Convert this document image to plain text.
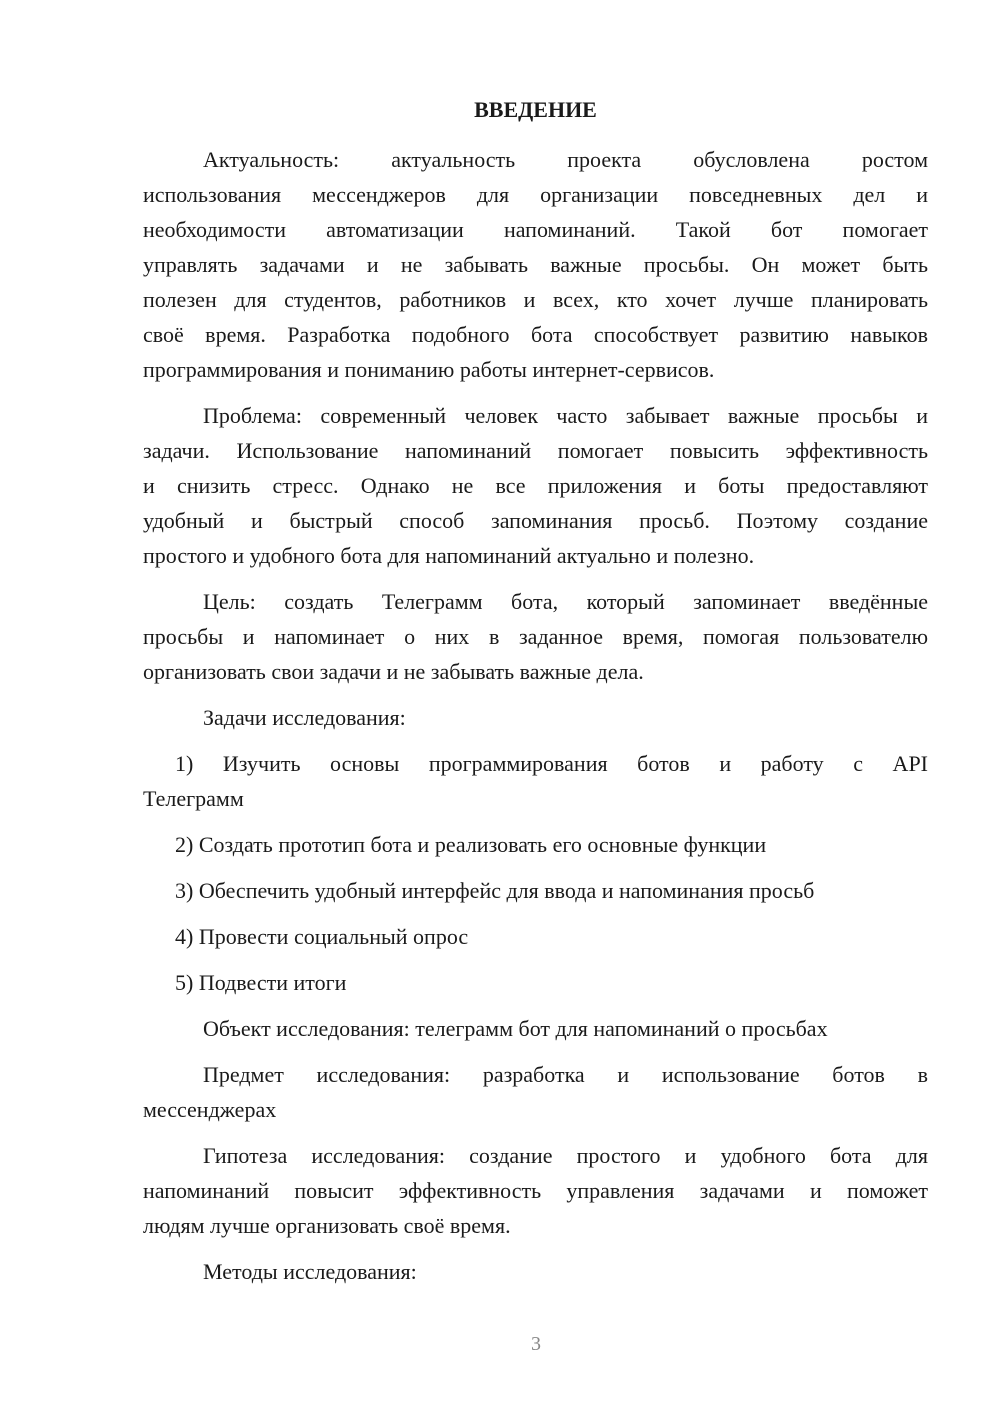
ВВЕДЕНИЕ
Актуальность: актуальность проекта обусловлена ростом
использования мессенджеров для организации повседневных дел и
необходимости автоматизации напоминаний. Такой бот помогает
управлять задачами и не забывать важные просьбы. Он может быть
полезен для студентов, работников и всех, кто хочет лучше планировать
своё время. Разработка подобного бота способствует развитию навыков
программирования и пониманию работы интернет-сервисов.
Проблема: современный человек часто забывает важные просьбы и
задачи. Использование напоминаний помогает повысить эффективность
и снизить стресс. Однако не все приложения и боты предоставляют
удобный и быстрый способ запоминания просьб. Поэтому создание
простого и удобного бота для напоминаний актуально и полезно.
Цель: создать Телеграмм бота, который запоминает введённые
просьбы и напоминает о них в заданное время, помогая пользователю
организовать свои задачи и не забывать важные дела.
Задачи исследования:
1) Изучить основы программирования ботов и работу с API
Телеграмм
2) Создать прототип бота и реализовать его основные функции
3) Обеспечить удобный интерфейс для ввода и напоминания просьб
4) Провести социальный опрос
5) Подвести итоги
Объект исследования: телеграмм бот для напоминаний о просьбах
Предмет исследования: разработка и использование ботов в
мессенджерах
Гипотеза исследования: создание простого и удобного бота для
напоминаний повысит эффективность управления задачами и поможет
людям лучше организовать своё время.
Методы исследования:
3
